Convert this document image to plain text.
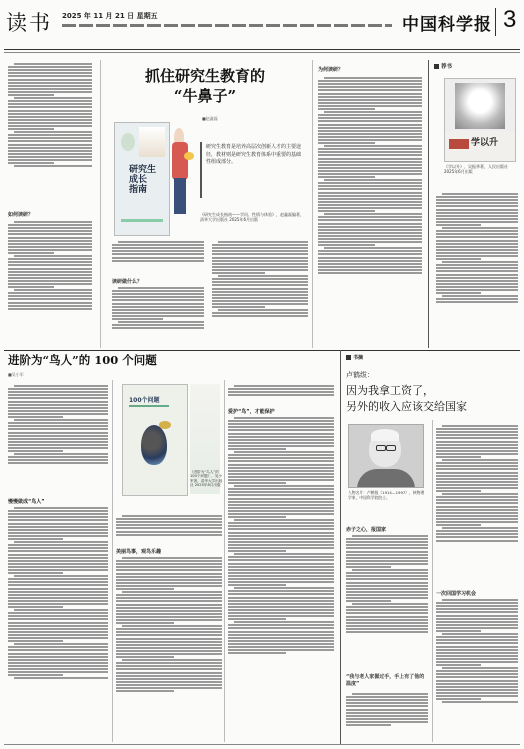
读书 2025 年 11 月 21 日 星期五	中国科学报 3
抓住研究生教育的
“牛鼻子”
■赵鑫磊
如何读研？
研究生
成长
指南
研究生教育是培养高层次创新人才的主要途径，教材则是研究生教育体系中重要的基础性组成部分。
《研究生成长指南——学问、性情与体验》，赵鑫磊编著，清华大学出版社 2025年6月出版
读研做什么？
为何读研？	荐书
学以升
《学以升》，吴振华著，人民出版社 2025年6月出版
进阶为“鸟人”的 100 个问题
■吴小军
慢慢做成“鸟人”
100个问题
《进阶为“鸟人”的100个问题》，吴小军著，清华大学出版社 2025年8月出版
美丽鸟事，观鸟乐趣
爱护“鸟”，才能保护
书摘
卢鹤绂：
因为我拿工资了，
另外的收入应该交给国家
人物名片：卢鹤绂（1914—1997），核物理学家，中国科学院院士。
赤子之心，报国家
“我与老人家握过手，手上有了他的温度”
一次回国学习机会
